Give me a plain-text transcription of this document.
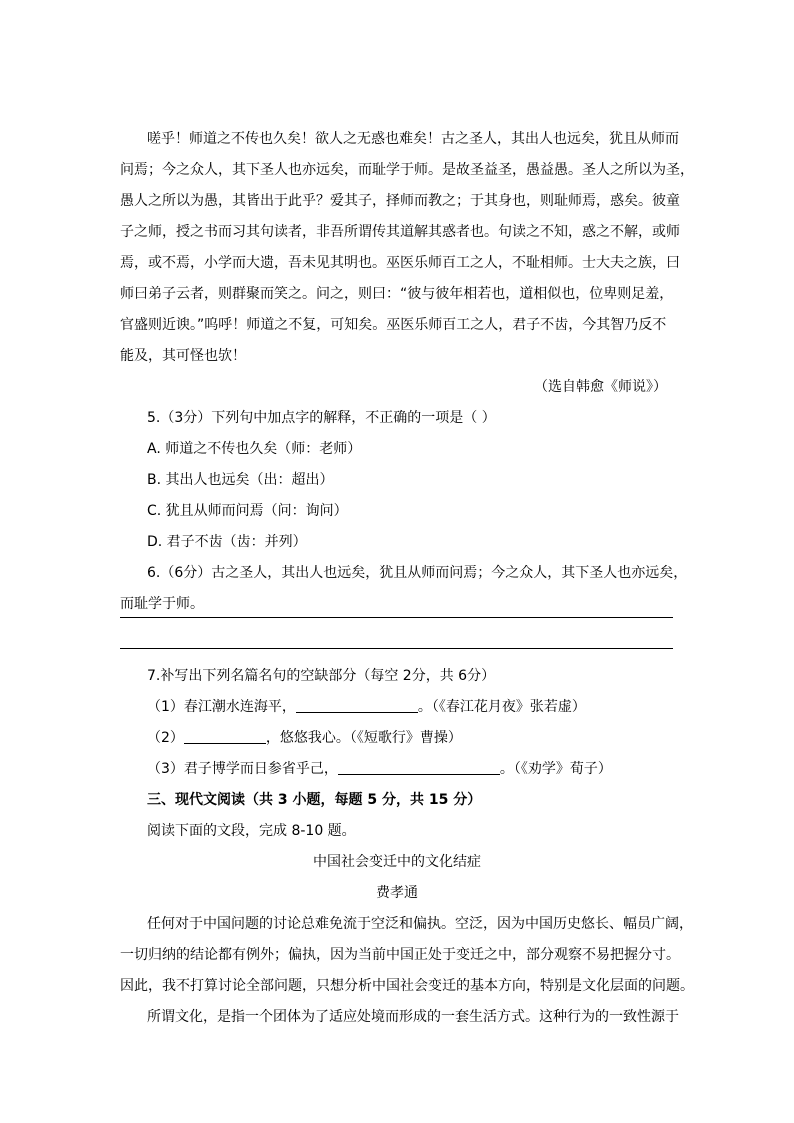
嗟乎！师道之不传也久矣！欲人之无惑也难矣！古之圣人，其出人也远矣，犹且从师而
问焉；今之众人，其下圣人也亦远矣，而耻学于师。是故圣益圣，愚益愚。圣人之所以为圣，
愚人之所以为愚，其皆出于此乎？爱其子，择师而教之；于其身也，则耻师焉，惑矣。彼童
子之师，授之书而习其句读者，非吾所谓传其道解其惑者也。句读之不知，惑之不解，或师
焉，或不焉，小学而大遗，吾未见其明也。巫医乐师百工之人，不耻相师。士大夫之族，曰
师曰弟子云者，则群聚而笑之。问之，则曰：“彼与彼年相若也，道相似也，位卑则足羞，
官盛则近谀。”呜呼！师道之不复，可知矣。巫医乐师百工之人，君子不齿，今其智乃反不
能及，其可怪也欤！
（选自韩愈《师说》）
5.（3分）下列句中加点字的解释，不正确的一项是（ ）
A. 师道之不传也久矣（师：老师）
B. 其出人也远矣（出：超出）
C. 犹且从师而问焉（问：询问）
D. 君子不齿（齿：并列）
6.（6分）古之圣人，其出人也远矣，犹且从师而问焉；今之众人，其下圣人也亦远矣，
而耻学于师。
7.补写出下列名篇名句的空缺部分（每空 2分，共 6分）
（1）春江潮水连海平，	。（《春江花月夜》张若虚）
（2）	，悠悠我心。（《短歌行》曹操）
（3）君子博学而日参省乎己，	。（《劝学》荀子）
三、现代文阅读（共 3 小题，每题 5 分，共 15 分）
阅读下面的文段，完成 8-10 题。
中国社会变迁中的文化结症
费孝通
任何对于中国问题的讨论总难免流于空泛和偏执。空泛，因为中国历史悠长、幅员广阔，
一切归纳的结论都有例外；偏执，因为当前中国正处于变迁之中，部分观察不易把握分寸。
因此，我不打算讨论全部问题，只想分析中国社会变迁的基本方向，特别是文化层面的问题。
所谓文化，是指一个团体为了适应处境而形成的一套生活方式。这种行为的一致性源于
